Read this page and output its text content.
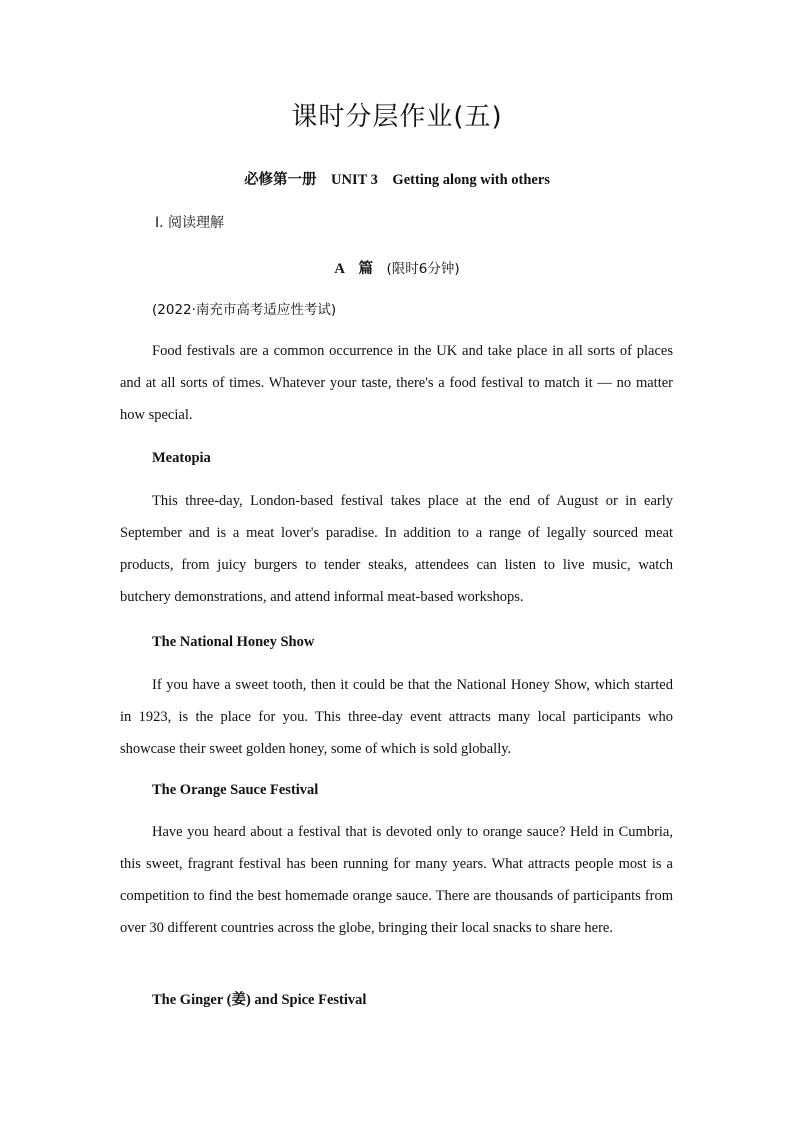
课时分层作业(五)
必修第一册　UNIT 3　Getting along with others
Ⅰ. 阅读理解
A　篇　(限时6分钟)
(2022·南充市高考适应性考试)
Food festivals are a common occurrence in the UK and take place in all sorts of places and at all sorts of times. Whatever your taste, there's a food festival to match it — no matter how special.
Meatopia
This three-day, London-based festival takes place at the end of August or in early September and is a meat lover's paradise. In addition to a range of legally sourced meat products, from juicy burgers to tender steaks, attendees can listen to live music, watch butchery demonstrations, and attend informal meat-based workshops.
The National Honey Show
If you have a sweet tooth, then it could be that the National Honey Show, which started in 1923, is the place for you. This three-day event attracts many local participants who showcase their sweet golden honey, some of which is sold globally.
The Orange Sauce Festival
Have you heard about a festival that is devoted only to orange sauce? Held in Cumbria, this sweet, fragrant festival has been running for many years. What attracts people most is a competition to find the best homemade orange sauce. There are thousands of participants from over 30 different countries across the globe, bringing their local snacks to share here.
The Ginger (姜) and Spice Festival
